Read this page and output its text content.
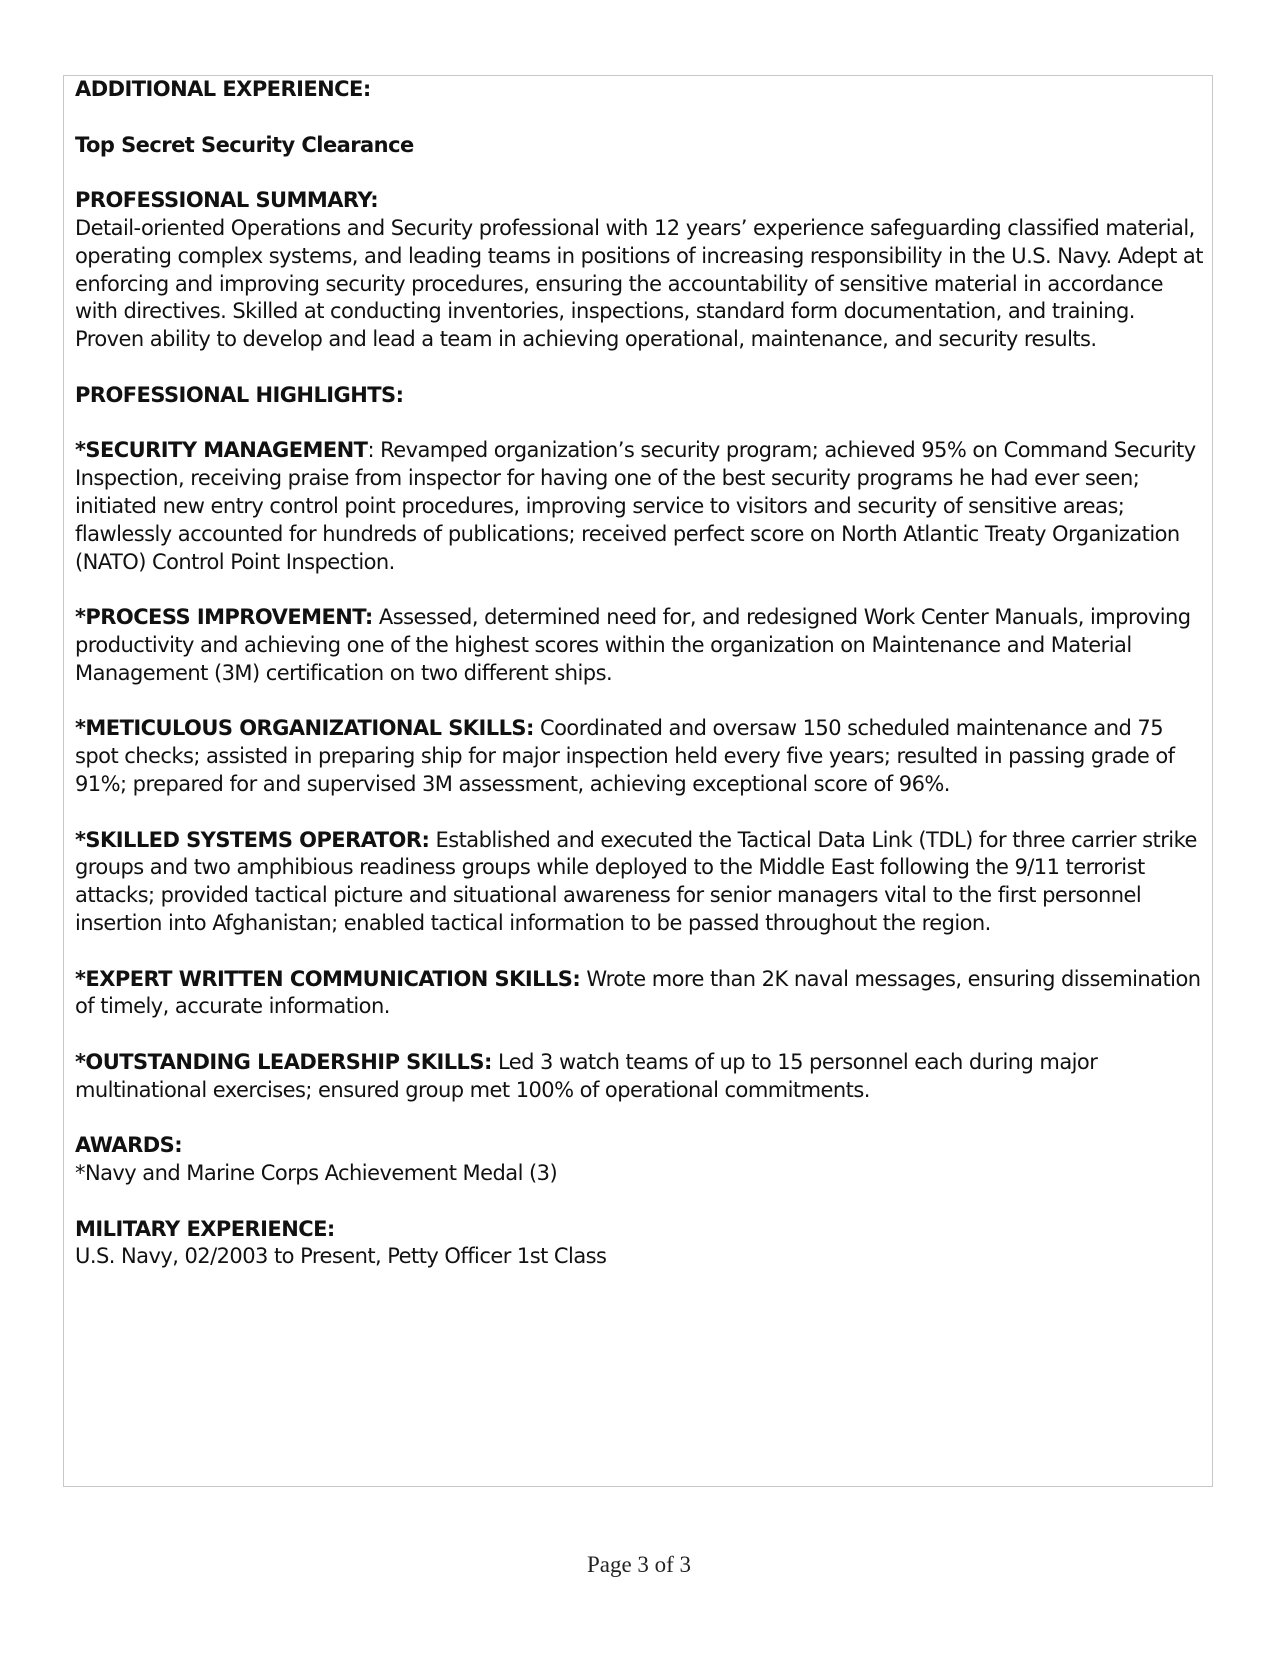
ADDITIONAL EXPERIENCE:

Top Secret Security Clearance

PROFESSIONAL SUMMARY:
Detail-oriented Operations and Security professional with 12 years’ experience safeguarding classified material, operating complex systems, and leading teams in positions of increasing responsibility in the U.S. Navy. Adept at enforcing and improving security procedures, ensuring the accountability of sensitive material in accordance with directives. Skilled at conducting inventories, inspections, standard form documentation, and training. Proven ability to develop and lead a team in achieving operational, maintenance, and security results.

PROFESSIONAL HIGHLIGHTS:

*SECURITY MANAGEMENT: Revamped organization’s security program; achieved 95% on Command Security Inspection, receiving praise from inspector for having one of the best security programs he had ever seen; initiated new entry control point procedures, improving service to visitors and security of sensitive areas; flawlessly accounted for hundreds of publications; received perfect score on North Atlantic Treaty Organization (NATO) Control Point Inspection.

*PROCESS IMPROVEMENT: Assessed, determined need for, and redesigned Work Center Manuals, improving productivity and achieving one of the highest scores within the organization on Maintenance and Material Management (3M) certification on two different ships.

*METICULOUS ORGANIZATIONAL SKILLS: Coordinated and oversaw 150 scheduled maintenance and 75 spot checks; assisted in preparing ship for major inspection held every five years; resulted in passing grade of 91%; prepared for and supervised 3M assessment, achieving exceptional score of 96%.

*SKILLED SYSTEMS OPERATOR: Established and executed the Tactical Data Link (TDL) for three carrier strike groups and two amphibious readiness groups while deployed to the Middle East following the 9/11 terrorist attacks; provided tactical picture and situational awareness for senior managers vital to the first personnel insertion into Afghanistan; enabled tactical information to be passed throughout the region.

*EXPERT WRITTEN COMMUNICATION SKILLS: Wrote more than 2K naval messages, ensuring dissemination of timely, accurate information.

*OUTSTANDING LEADERSHIP SKILLS: Led 3 watch teams of up to 15 personnel each during major multinational exercises; ensured group met 100% of operational commitments.

AWARDS:
*Navy and Marine Corps Achievement Medal (3)

MILITARY EXPERIENCE:
U.S. Navy, 02/2003 to Present, Petty Officer 1st Class

Page 3 of 3
